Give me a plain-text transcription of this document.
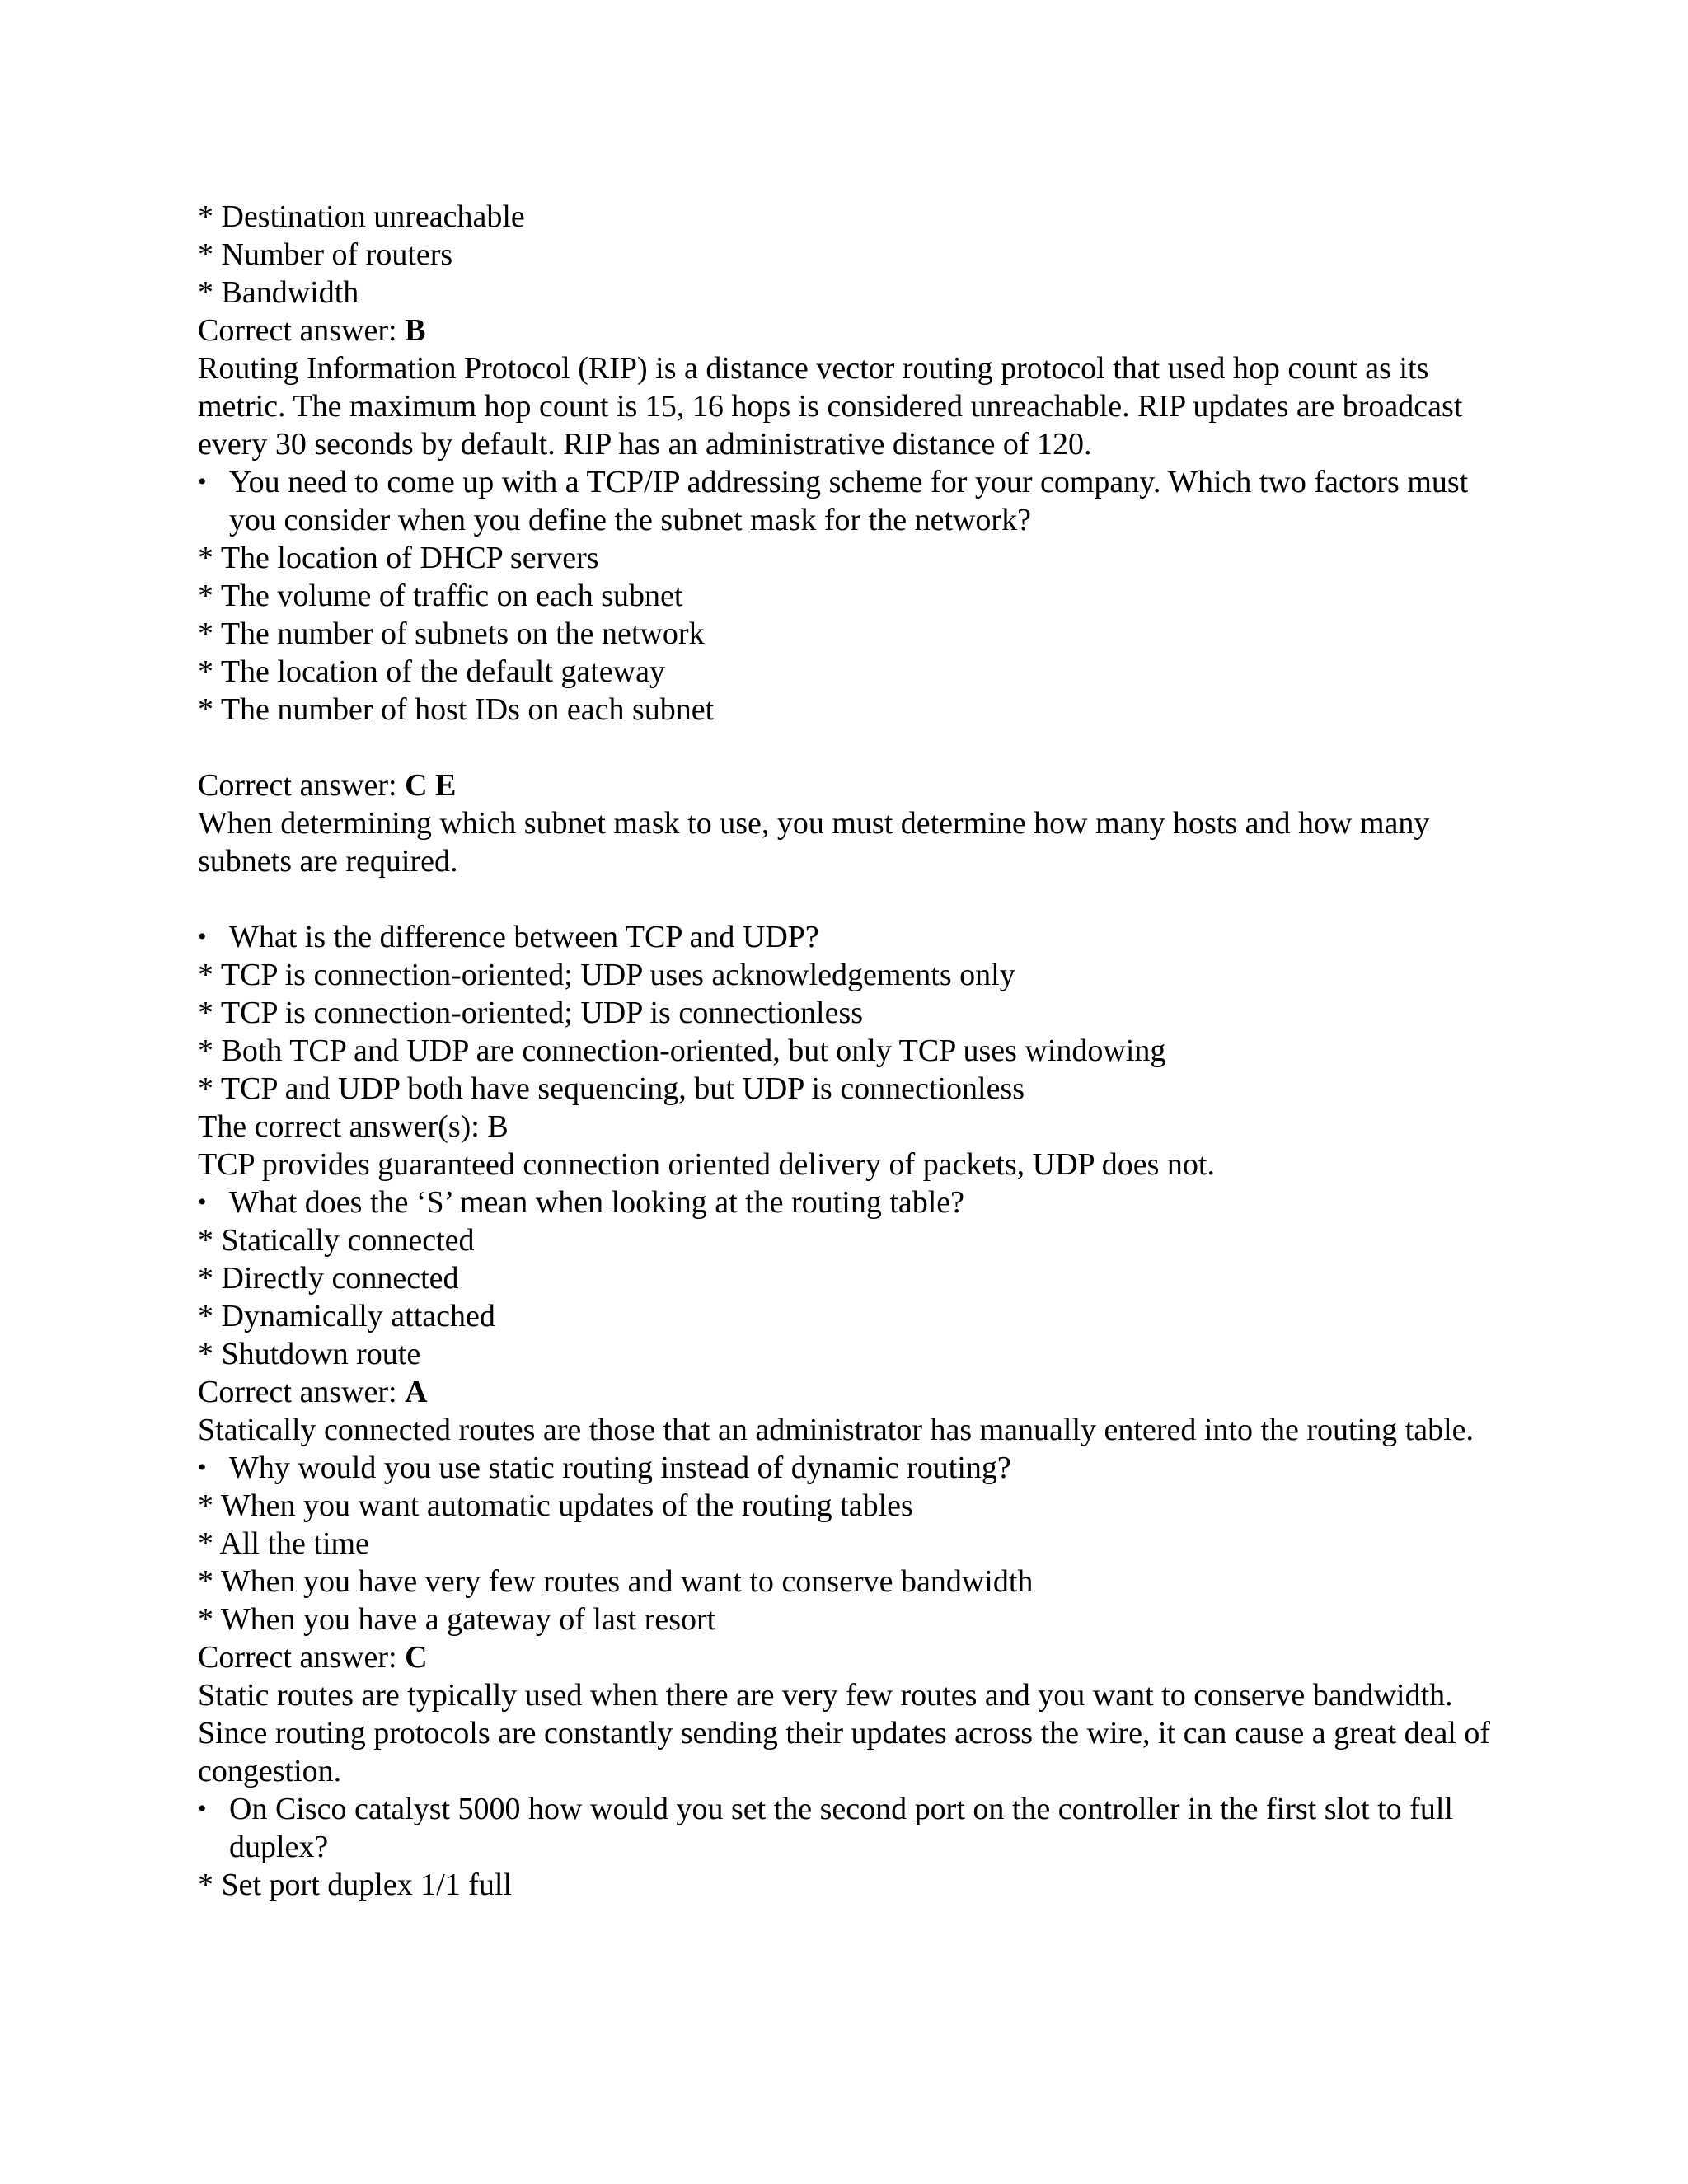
* Destination unreachable
* Number of routers
* Bandwidth
Correct answer: B
Routing Information Protocol (RIP) is a distance vector routing protocol that used hop count as its metric. The maximum hop count is 15, 16 hops is considered unreachable. RIP updates are broadcast every 30 seconds by default. RIP has an administrative distance of 120.
• You need to come up with a TCP/IP addressing scheme for your company. Which two factors must you consider when you define the subnet mask for the network?
* The location of DHCP servers
* The volume of traffic on each subnet
* The number of subnets on the network
* The location of the default gateway
* The number of host IDs on each subnet
Correct answer: C E
When determining which subnet mask to use, you must determine how many hosts and how many subnets are required.
• What is the difference between TCP and UDP?
* TCP is connection-oriented; UDP uses acknowledgements only
* TCP is connection-oriented; UDP is connectionless
* Both TCP and UDP are connection-oriented, but only TCP uses windowing
* TCP and UDP both have sequencing, but UDP is connectionless
The correct answer(s): B
TCP provides guaranteed connection oriented delivery of packets, UDP does not.
• What does the ‘S’ mean when looking at the routing table?
* Statically connected
* Directly connected
* Dynamically attached
* Shutdown route
Correct answer: A
Statically connected routes are those that an administrator has manually entered into the routing table.
• Why would you use static routing instead of dynamic routing?
* When you want automatic updates of the routing tables
* All the time
* When you have very few routes and want to conserve bandwidth
* When you have a gateway of last resort
Correct answer: C
Static routes are typically used when there are very few routes and you want to conserve bandwidth. Since routing protocols are constantly sending their updates across the wire, it can cause a great deal of congestion.
• On Cisco catalyst 5000 how would you set the second port on the controller in the first slot to full duplex?
* Set port duplex 1/1 full
